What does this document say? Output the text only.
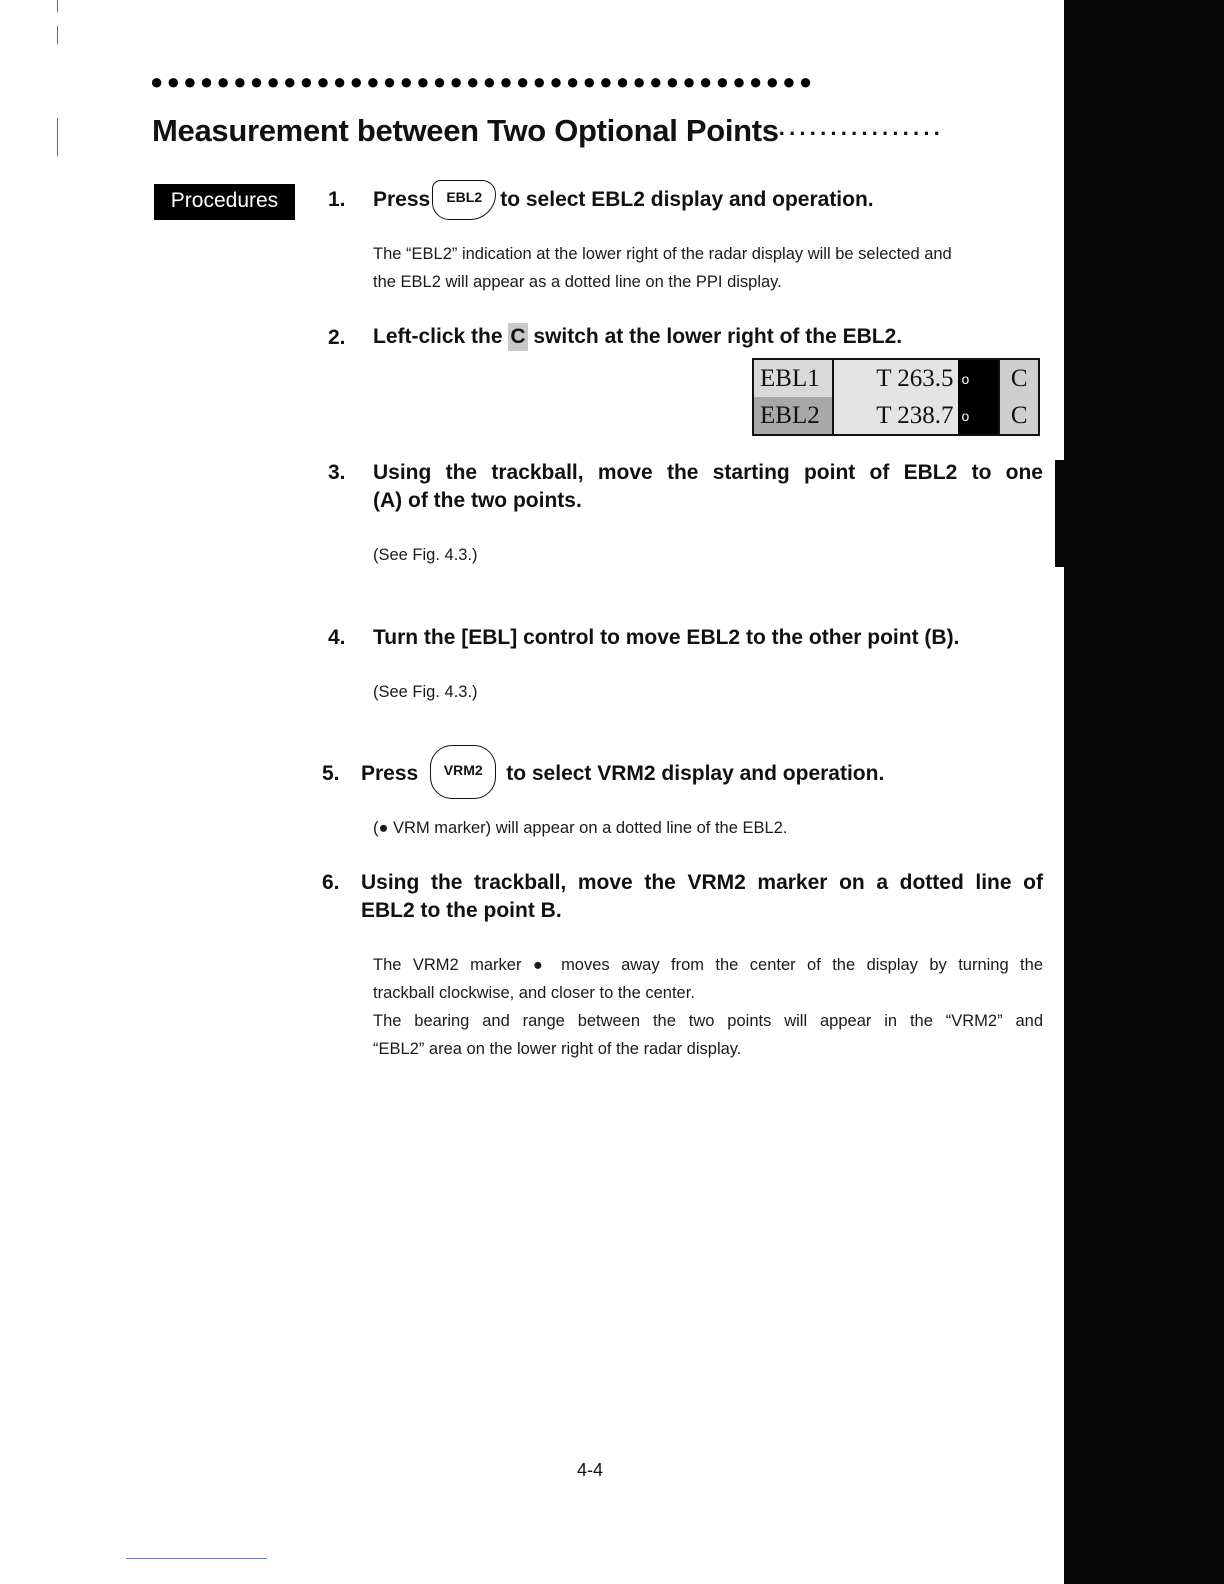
●●●●●●●●●●●●●●●●●●●●●●●●●●●●●●●●●●●●●●●●
Measurement between Two Optional Points················
Procedures	1. Press EBL2 to select EBL2 display and operation.

The “EBL2” indication at the lower right of the radar display will be selected and
the EBL2 will appear as a dotted line on the PPI display.

2. Left-click the C switch at the lower right of the EBL2.

EBL1	T 263.5	o	C
EBL2	T 238.7	o	C
3. Using the trackball, move the starting point of EBL2 to one
(A) of the two points.

(See Fig. 4.3.)

4. Turn the [EBL] control to move EBL2 to the other point (B).

(See Fig. 4.3.)

5. Press VRM2 to select VRM2 display and operation.

(● VRM marker) will appear on a dotted line of the EBL2.

6. Using the trackball, move the VRM2 marker on a dotted line of
EBL2 to the point B.

The VRM2 marker ● moves away from the center of the display by turning the
trackball clockwise, and closer to the center.
The bearing and range between the two points will appear in the “VRM2” and
“EBL2” area on the lower right of the radar display.

4-4
